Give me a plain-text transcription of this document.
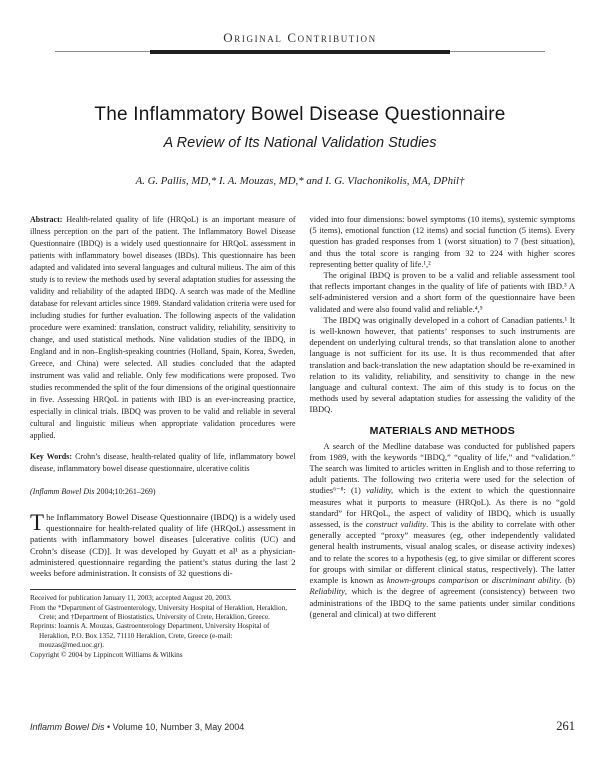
Original Contribution
The Inflammatory Bowel Disease Questionnaire
A Review of Its National Validation Studies
A. G. Pallis, MD,* I. A. Mouzas, MD,* and I. G. Vlachonikolis, MA, DPhil†

Abstract: Health-related quality of life (HRQoL) is an important measure of illness perception on the part of the patient. The Inflammatory Bowel Disease Questionnaire (IBDQ) is a widely used questionnaire for HRQoL assessment in patients with inflammatory bowel diseases (IBDs). This questionnaire has been adapted and validated into several languages and cultural milieus. The aim of this study is to review the methods used by several adaptation studies for assessing the validity and reliability of the adapted IBDQ. A search was made of the Medline database for relevant articles since 1989. Standard validation criteria were used for including studies for further evaluation. The following aspects of the validation procedure were examined: translation, construct validity, reliability, sensitivity to change, and used statistical methods. Nine validation studies of the IBDQ, in England and in non–English-speaking countries (Holland, Spain, Korea, Sweden, Greece, and China) were selected. All studies concluded that the adapted instrument was valid and reliable. Only few modifications were proposed. Two studies recommended the split of the four dimensions of the original questionnaire in five. Assessing HRQoL in patients with IBD is an ever-increasing practice, especially in clinical trials. IBDQ was proven to be valid and reliable in several cultural and linguistic milieus when appropriate validation procedures were applied.

Key Words: Crohn’s disease, health-related quality of life, inflammatory bowel disease, inflammatory bowel disease questionnaire, ulcerative colitis

(Inflamm Bowel Dis 2004;10:261–269)

The Inflammatory Bowel Disease Questionnaire (IBDQ) is a widely used questionnaire for health-related quality of life (HRQoL) assessment in patients with inflammatory bowel diseases [ulcerative colitis (UC) and Crohn’s disease (CD)]. It was developed by Guyatt et al¹ as a physician-administered questionnaire regarding the patient’s status during the last 2 weeks before administration. It consists of 32 questions di-

Received for publication January 11, 2003; accepted August 20, 2003.

From the *Department of Gastroenterology, University Hospital of Heraklion, Heraklion, Crete; and †Department of Biostatistics, University of Crete, Heraklion, Greece.

Reprints: Ioannis A. Mouzas, Gastroenterology Department, University Hospital of Heraklion, P.O. Box 1352, 71110 Heraklion, Crete, Greece (e-mail: mouzas@med.uoc.gr).

Copyright © 2004 by Lippincott Williams & Wilkins

vided into four dimensions: bowel symptoms (10 items), systemic symptoms (5 items), emotional function (12 items) and social function (5 items). Every question has graded responses from 1 (worst situation) to 7 (best situation), and thus the total score is ranging from 32 to 224 with higher scores representing better quality of life.¹,²

The original IBDQ is proven to be a valid and reliable assessment tool that reflects important changes in the quality of life of patients with IBD.³ A self-administered version and a short form of the questionnaire have been validated and were also found valid and reliable.⁴,⁵

The IBDQ was originally developed in a cohort of Canadian patients.¹ It is well-known however, that patients’ responses to such instruments are dependent on underlying cultural trends, so that translation alone to another language is not sufficient for its use. It is thus recommended that after translation and back-translation the new adaptation should be re-examined in relation to its validity, reliability, and sensitivity to change in the new language and cultural context. The aim of this study is to focus on the methods used by several adaptation studies for assessing the validity of the IBDQ.

MATERIALS AND METHODS

A search of the Medline database was conducted for published papers from 1989, with the keywords “IBDQ,” “quality of life,” and “validation.” The search was limited to articles written in English and to those referring to adult patients. The following two criteria were used for the selection of studies⁶⁻⁸: (1) validity, which is the extent to which the questionnaire measures what it purports to measure (HRQoL). As there is no “gold standard” for HRQoL, the aspect of validity of IBDQ, which is usually assessed, is the construct validity. This is the ability to correlate with other generally accepted “proxy” measures (eg, other independently validated general health instruments, visual analog scales, or disease activity indexes) and to relate the scores to a hypothesis (eg, to give similar or different scores for groups with similar or different clinical status, respectively). The latter example is known as known-groups comparison or discriminant ability. (b) Reliability, which is the degree of agreement (consistency) between two administrations of the IBDQ to the same patients under similar conditions (general and clinical) at two different

Inflamm Bowel Dis • Volume 10, Number 3, May 2004	261
